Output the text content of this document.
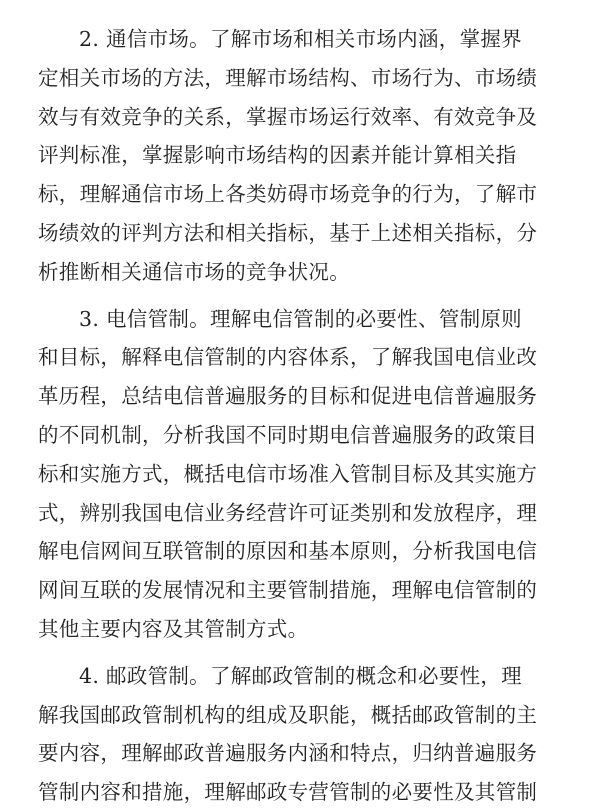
2. 通信市场。了解市场和相关市场内涵，掌握界
定相关市场的方法，理解市场结构、市场行为、市场绩
效与有效竞争的关系，掌握市场运行效率、有效竞争及
评判标准，掌握影响市场结构的因素并能计算相关指
标，理解通信市场上各类妨碍市场竞争的行为，了解市
场绩效的评判方法和相关指标，基于上述相关指标，分
析推断相关通信市场的竞争状况。
3. 电信管制。理解电信管制的必要性、管制原则
和目标，解释电信管制的内容体系，了解我国电信业改
革历程，总结电信普遍服务的目标和促进电信普遍服务
的不同机制，分析我国不同时期电信普遍服务的政策目
标和实施方式，概括电信市场准入管制目标及其实施方
式，辨别我国电信业务经营许可证类别和发放程序，理
解电信网间互联管制的原因和基本原则，分析我国电信
网间互联的发展情况和主要管制措施，理解电信管制的
其他主要内容及其管制方式。
4. 邮政管制。了解邮政管制的概念和必要性，理
解我国邮政管制机构的组成及职能，概括邮政管制的主
要内容，理解邮政普遍服务内涵和特点，归纳普遍服务
管制内容和措施，理解邮政专营管制的必要性及其管制
